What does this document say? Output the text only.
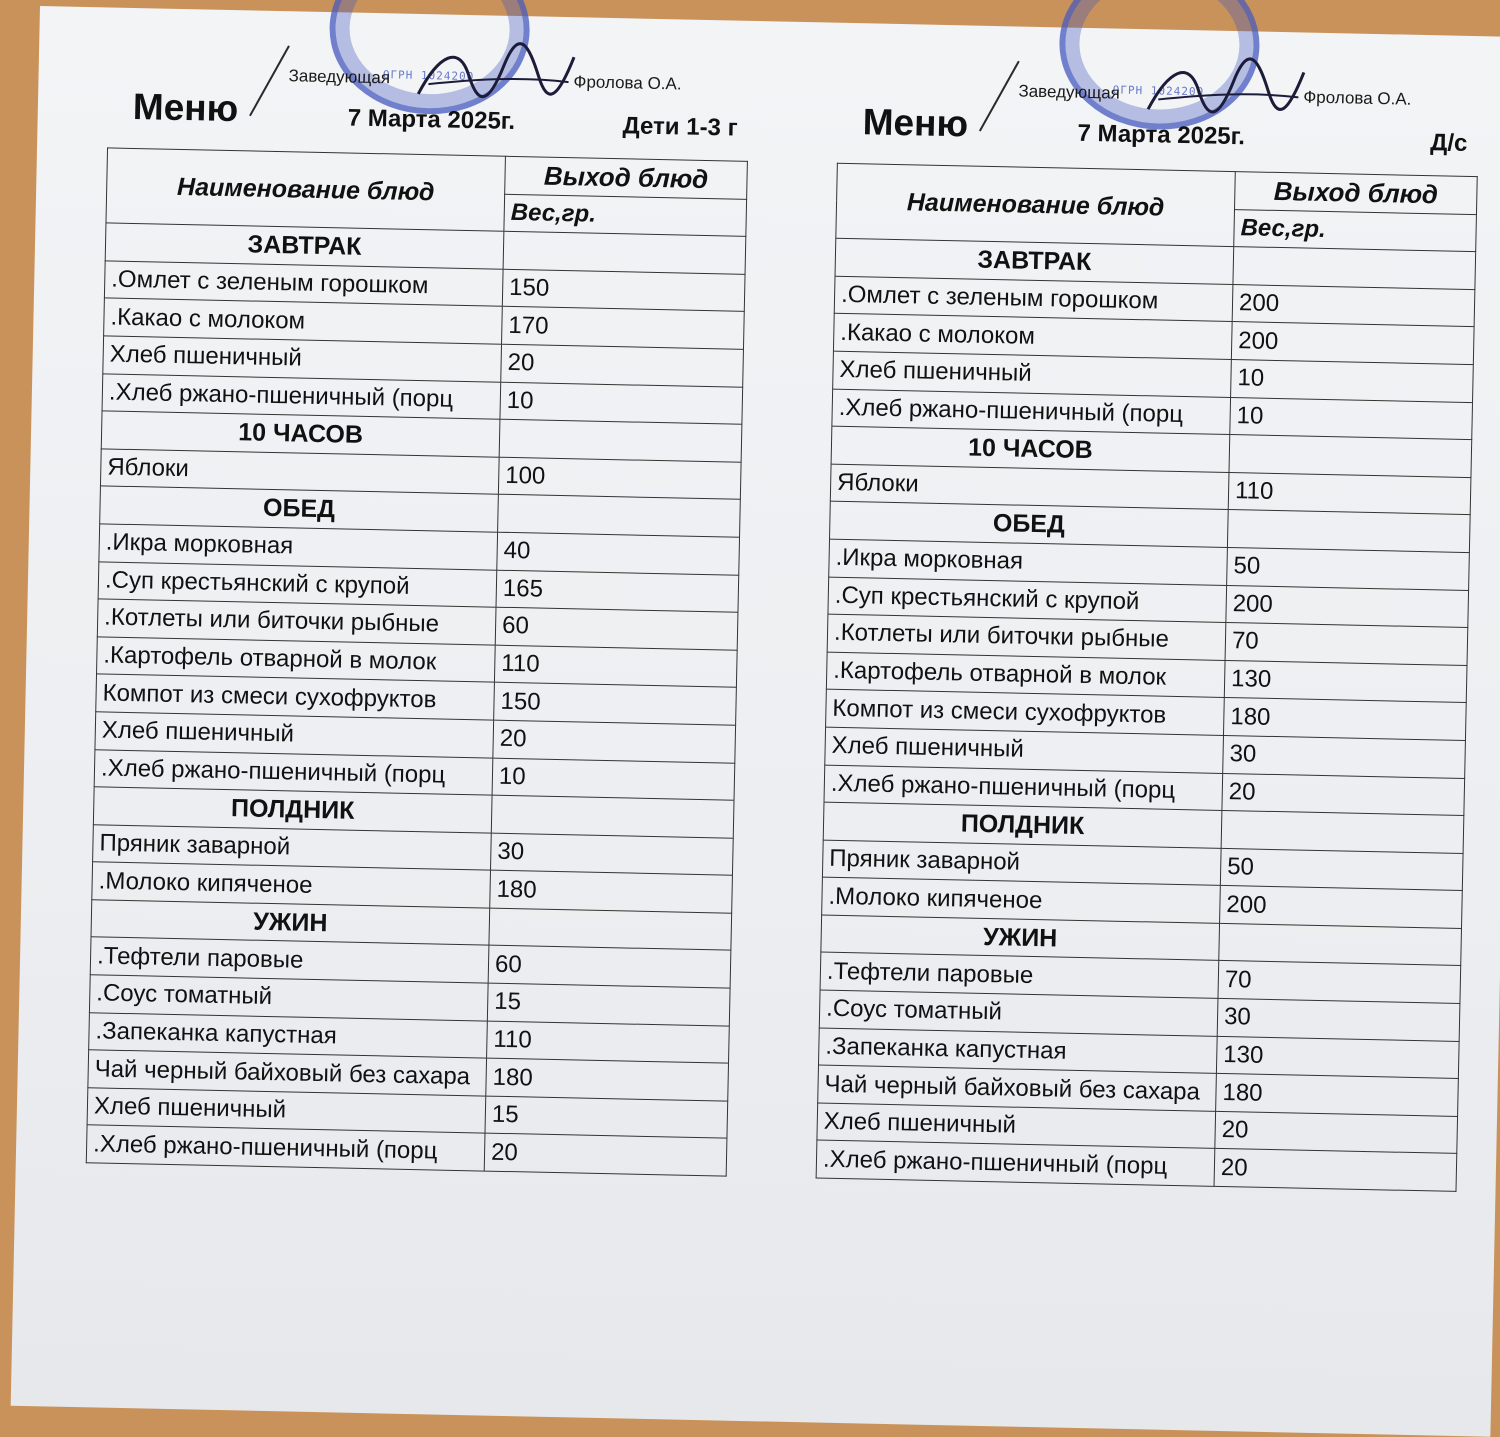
ОГРН 1024200
Заведующая	Фролова О.А.
Меню	7 Марта 2025г.	Дети 1-3 г
Наименование блюд	Выход блюд
	Вес,гр.
ЗАВТРАК	
.Омлет с зеленым горошком	150
.Какао с молоком	170
Хлеб пшеничный	20
.Хлеб ржано-пшеничный (порц	10
10 ЧАСОВ	
Яблоки	100
ОБЕД	
.Икра морковная	40
.Суп крестьянский с крупой	165
.Котлеты или биточки рыбные	60
.Картофель отварной в молок	110
Компот из смеси сухофруктов	150
Хлеб пшеничный	20
.Хлеб ржано-пшеничный (порц	10
ПОЛДНИК	
Пряник заварной	30
.Молоко кипяченое	180
УЖИН	
.Тефтели паровые	60
.Соус томатный	15
.Запеканка капустная	110
Чай черный байховый без сахара	180
Хлеб пшеничный	15
.Хлеб ржано-пшеничный (порц	20
ОГРН 1024200
Заведующая	Фролова О.А.
Меню	7 Марта 2025г.	Д/с
Наименование блюд	Выход блюд
	Вес,гр.
ЗАВТРАК	
.Омлет с зеленым горошком	200
.Какао с молоком	200
Хлеб пшеничный	10
.Хлеб ржано-пшеничный (порц	10
10 ЧАСОВ	
Яблоки	110
ОБЕД	
.Икра морковная	50
.Суп крестьянский с крупой	200
.Котлеты или биточки рыбные	70
.Картофель отварной в молок	130
Компот из смеси сухофруктов	180
Хлеб пшеничный	30
.Хлеб ржано-пшеничный (порц	20
ПОЛДНИК	
Пряник заварной	50
.Молоко кипяченое	200
УЖИН	
.Тефтели паровые	70
.Соус томатный	30
.Запеканка капустная	130
Чай черный байховый без сахара	180
Хлеб пшеничный	20
.Хлеб ржано-пшеничный (порц	20
